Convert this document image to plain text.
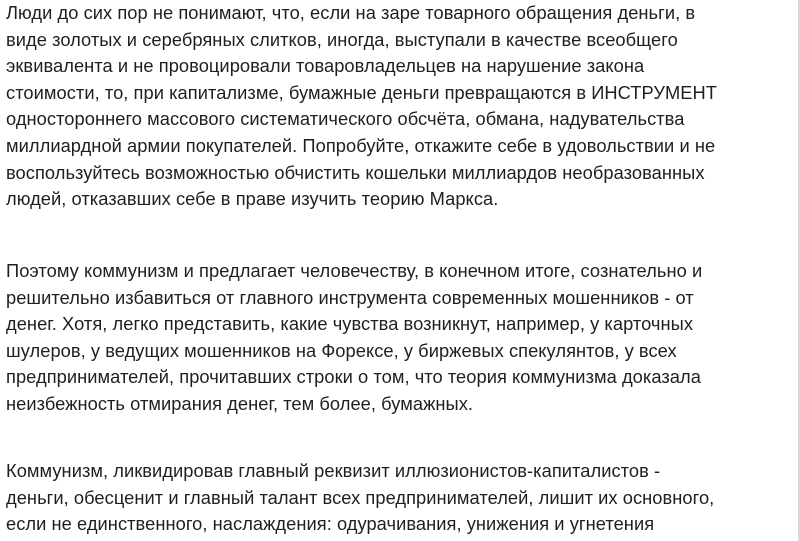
Люди до сих пор не понимают, что, если на заре товарного обращения деньги, в
виде золотых и серебряных слитков, иногда, выступали в качестве всеобщего
эквивалента и не провоцировали товаровладельцев на нарушение закона
стоимости, то, при капитализме, бумажные деньги превращаются в ИНСТРУМЕНТ
одностороннего массового систематического обсчёта, обмана, надувательства
миллиардной армии покупателей. Попробуйте, откажите себе в удовольствии и не
воспользуйтесь возможностью обчистить кошельки миллиардов необразованных
людей, отказавших себе в праве изучить теорию Маркса.

Поэтому коммунизм и предлагает человечеству, в конечном итоге, сознательно и
решительно избавиться от главного инструмента современных мошенников - от
денег. Хотя, легко представить, какие чувства возникнут, например, у карточных
шулеров, у ведущих мошенников на Форексе, у биржевых спекулянтов, у всех
предпринимателей, прочитавших строки о том, что теория коммунизма доказала
неизбежность отмирания денег, тем более, бумажных.

Коммунизм, ликвидировав главный реквизит иллюзионистов-капиталистов -
деньги, обесценит и главный талант всех предпринимателей, лишит их основного,
если не единственного, наслаждения: одурачивания, унижения и угнетения
